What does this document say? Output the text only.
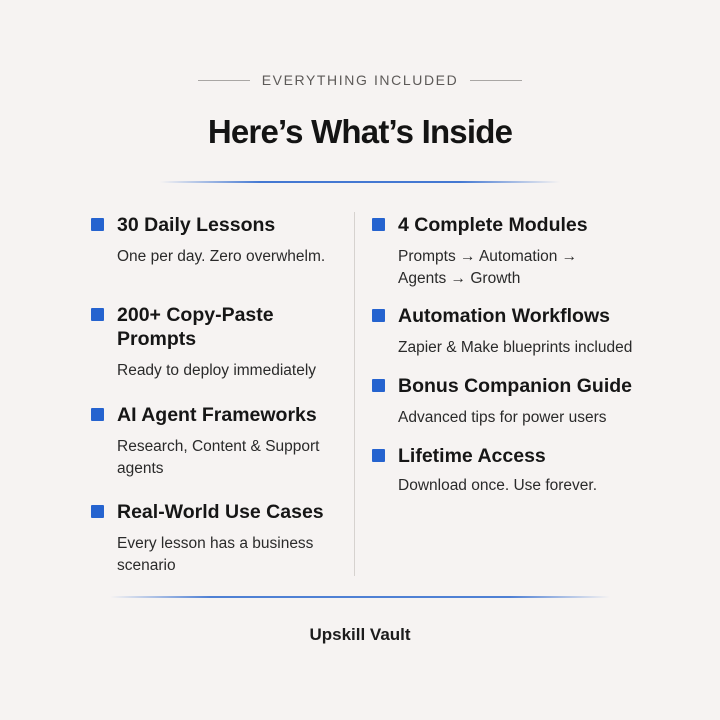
EVERYTHING INCLUDED
Here’s What’s Inside
30 Daily Lessons
One per day. Zero overwhelm.
200+ Copy-Paste Prompts
Ready to deploy immediately
AI Agent Frameworks
Research, Content & Support agents
Real-World Use Cases
Every lesson has a business scenario
4 Complete Modules
Prompts → Automation → Agents → Growth
Automation Workflows
Zapier & Make blueprints included
Bonus Companion Guide
Advanced tips for power users
Lifetime Access
Download once. Use forever.
Upskill Vault
